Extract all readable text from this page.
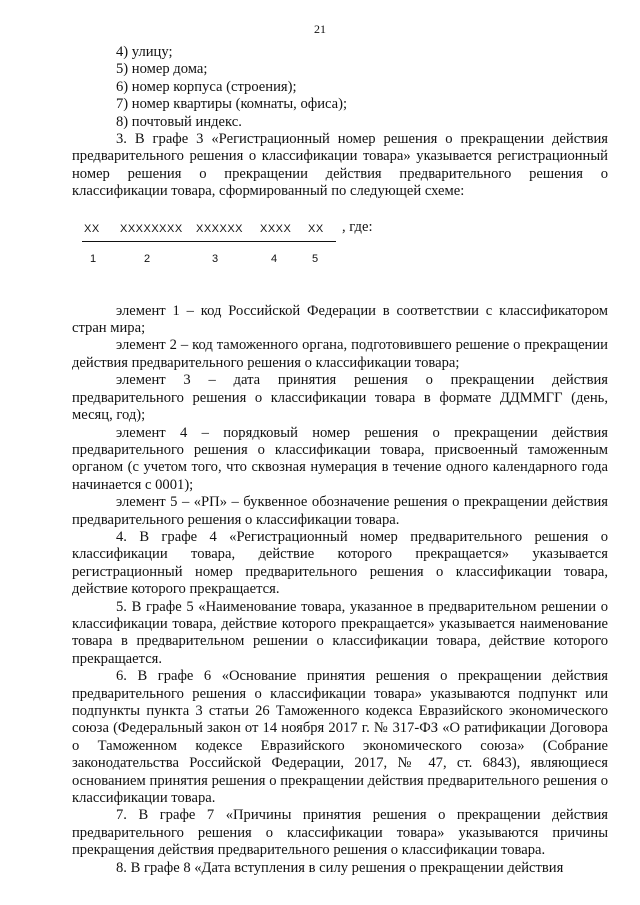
21

4) улицу;

5) номер дома;

6) номер корпуса (строения);

7) номер квартиры (комнаты, офиса);

8) почтовый индекс.

3. В графе 3 «Регистрационный номер решения о прекращении действия предварительного решения о классификации товара» указывается регистрационный номер решения о прекращении действия предварительного решения о классификации товара, сформированный по следующей схеме:

XX XXXXXXXX XXXXXX XXXX XX , где:
1	2	3	4	5

элемент 1 – код Российской Федерации в соответствии с классификатором стран мира;

элемент 2 – код таможенного органа, подготовившего решение о прекращении действия предварительного решения о классификации товара;

элемент 3 – дата принятия решения о прекращении действия предварительного решения о классификации товара в формате ДДММГГ (день, месяц, год);

элемент 4 – порядковый номер решения о прекращении действия предварительного решения о классификации товара, присвоенный таможенным органом (с учетом того, что сквозная нумерация в течение одного календарного года начинается с 0001);

элемент 5 – «РП» – буквенное обозначение решения о прекращении действия предварительного решения о классификации товара.

4. В графе 4 «Регистрационный номер предварительного решения о классификации товара, действие которого прекращается» указывается регистрационный номер предварительного решения о классификации товара, действие которого прекращается.

5. В графе 5 «Наименование товара, указанное в предварительном решении о классификации товара, действие которого прекращается» указывается наименование товара в предварительном решении о классификации товара, действие которого прекращается.

6. В графе 6 «Основание принятия решения о прекращении действия предварительного решения о классификации товара» указываются подпункт или подпункты пункта 3 статьи 26 Таможенного кодекса Евразийского экономического союза (Федеральный закон от 14 ноября 2017 г. № 317-ФЗ «О ратификации Договора о Таможенном кодексе Евразийского экономического союза» (Собрание законодательства Российской Федерации, 2017, № 47, ст. 6843), являющиеся основанием принятия решения о прекращении действия предварительного решения о классификации товара.

7. В графе 7 «Причины принятия решения о прекращении действия предварительного решения о классификации товара» указываются причины прекращения действия предварительного решения о классификации товара.

8. В графе 8 «Дата вступления в силу решения о прекращении действия
